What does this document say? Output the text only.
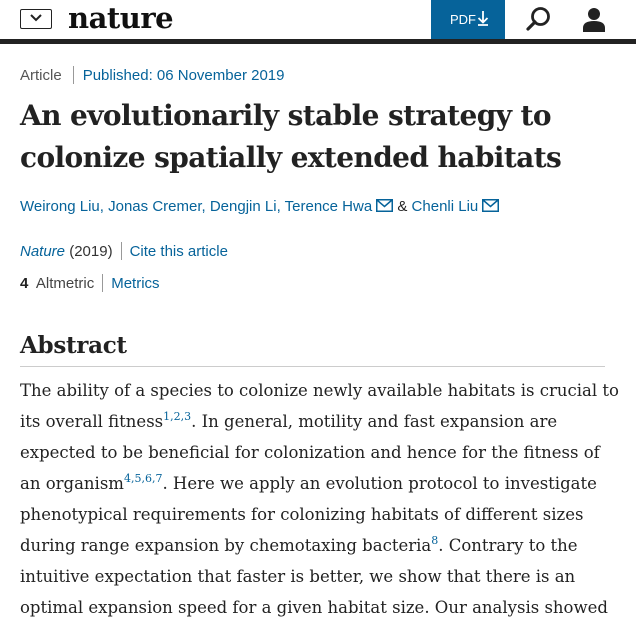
nature	PDF
Article Published: 06 November 2019
An evolutionarily stable strategy to colonize spatially extended habitats
Weirong Liu, Jonas Cremer, Dengjin Li, Terence Hwa & Chenli Liu
Nature (2019) Cite this article
4 Altmetric Metrics
Abstract
The ability of a species to colonize newly available habitats is crucial to
its overall fitness$^{1,2,3}$. In general, motility and fast expansion are
expected to be beneficial for colonization and hence for the fitness of
an organism$^{4,5,6,7}$. Here we apply an evolution protocol to investigate
phenotypical requirements for colonizing habitats of different sizes
during range expansion by chemotaxing bacteria$^8$. Contrary to the
intuitive expectation that faster is better, we show that there is an
optimal expansion speed for a given habitat size. Our analysis showed
